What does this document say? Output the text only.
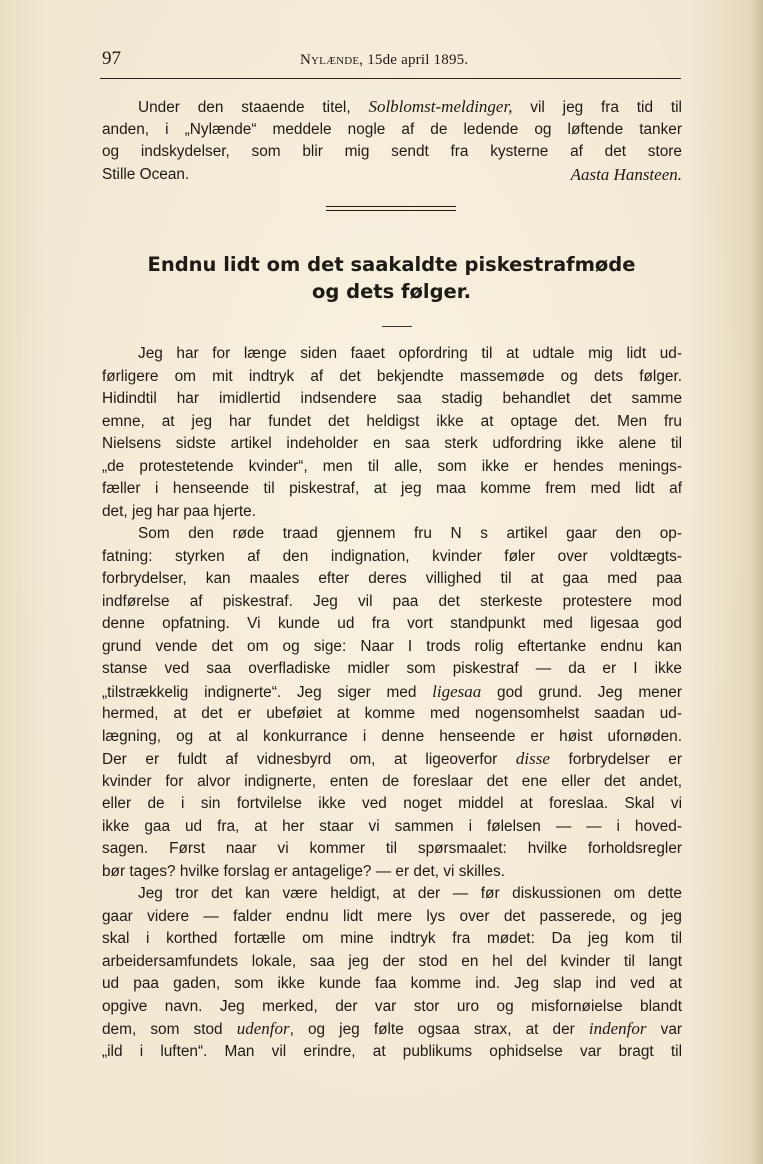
97	Nylænde, 15de april 1895.
Under den staaende titel, Solblomst-meldinger, vil jeg fra tid til
anden, i „Nylænde“ meddele nogle af de ledende og løftende tanker
og indskydelser, som blir mig sendt fra kysterne af det store
Stille Ocean.	Aasta Hansteen.
Endnu lidt om det saakaldte piskestrafmøde
og dets følger.
Jeg har for længe siden faaet opfordring til at udtale mig lidt ud-
førligere om mit indtryk af det bekjendte massemøde og dets følger.
Hidindtil har imidlertid indsendere saa stadig behandlet det samme
emne, at jeg har fundet det heldigst ikke at optage det. Men fru
Nielsens sidste artikel indeholder en saa sterk udfordring ikke alene til
„de protestetende kvinder“, men til alle, som ikke er hendes menings-
fæller i henseende til piskestraf, at jeg maa komme frem med lidt af
det, jeg har paa hjerte.
Som den røde traad gjennem fru N s artikel gaar den op-
fatning: styrken af den indignation, kvinder føler over voldtægts-
forbrydelser, kan maales efter deres villighed til at gaa med paa
indførelse af piskestraf. Jeg vil paa det sterkeste protestere mod
denne opfatning. Vi kunde ud fra vort standpunkt med ligesaa god
grund vende det om og sige: Naar I trods rolig eftertanke endnu kan
stanse ved saa overfladiske midler som piskestraf — da er I ikke
„tilstrækkelig indignerte“. Jeg siger med ligesaa god grund. Jeg mener
hermed, at det er ubeføiet at komme med nogensomhelst saadan ud-
lægning, og at al konkurrance i denne henseende er høist ufornøden.
Der er fuldt af vidnesbyrd om, at ligeoverfor disse forbrydelser er
kvinder for alvor indignerte, enten de foreslaar det ene eller det andet,
eller de i sin fortvilelse ikke ved noget middel at foreslaa. Skal vi
ikke gaa ud fra, at her staar vi sammen i følelsen — — i hoved-
sagen. Først naar vi kommer til spørsmaalet: hvilke forholdsregler
bør tages? hvilke forslag er antagelige? — er det, vi skilles.
Jeg tror det kan være heldigt, at der — før diskussionen om dette
gaar videre — falder endnu lidt mere lys over det passerede, og jeg
skal i korthed fortælle om mine indtryk fra mødet: Da jeg kom til
arbeidersamfundets lokale, saa jeg der stod en hel del kvinder til langt
ud paa gaden, som ikke kunde faa komme ind. Jeg slap ind ved at
opgive navn. Jeg merked, der var stor uro og misfornøielse blandt
dem, som stod udenfor, og jeg følte ogsaa strax, at der indenfor var
„ild i luften“. Man vil erindre, at publikums ophidselse var bragt til
